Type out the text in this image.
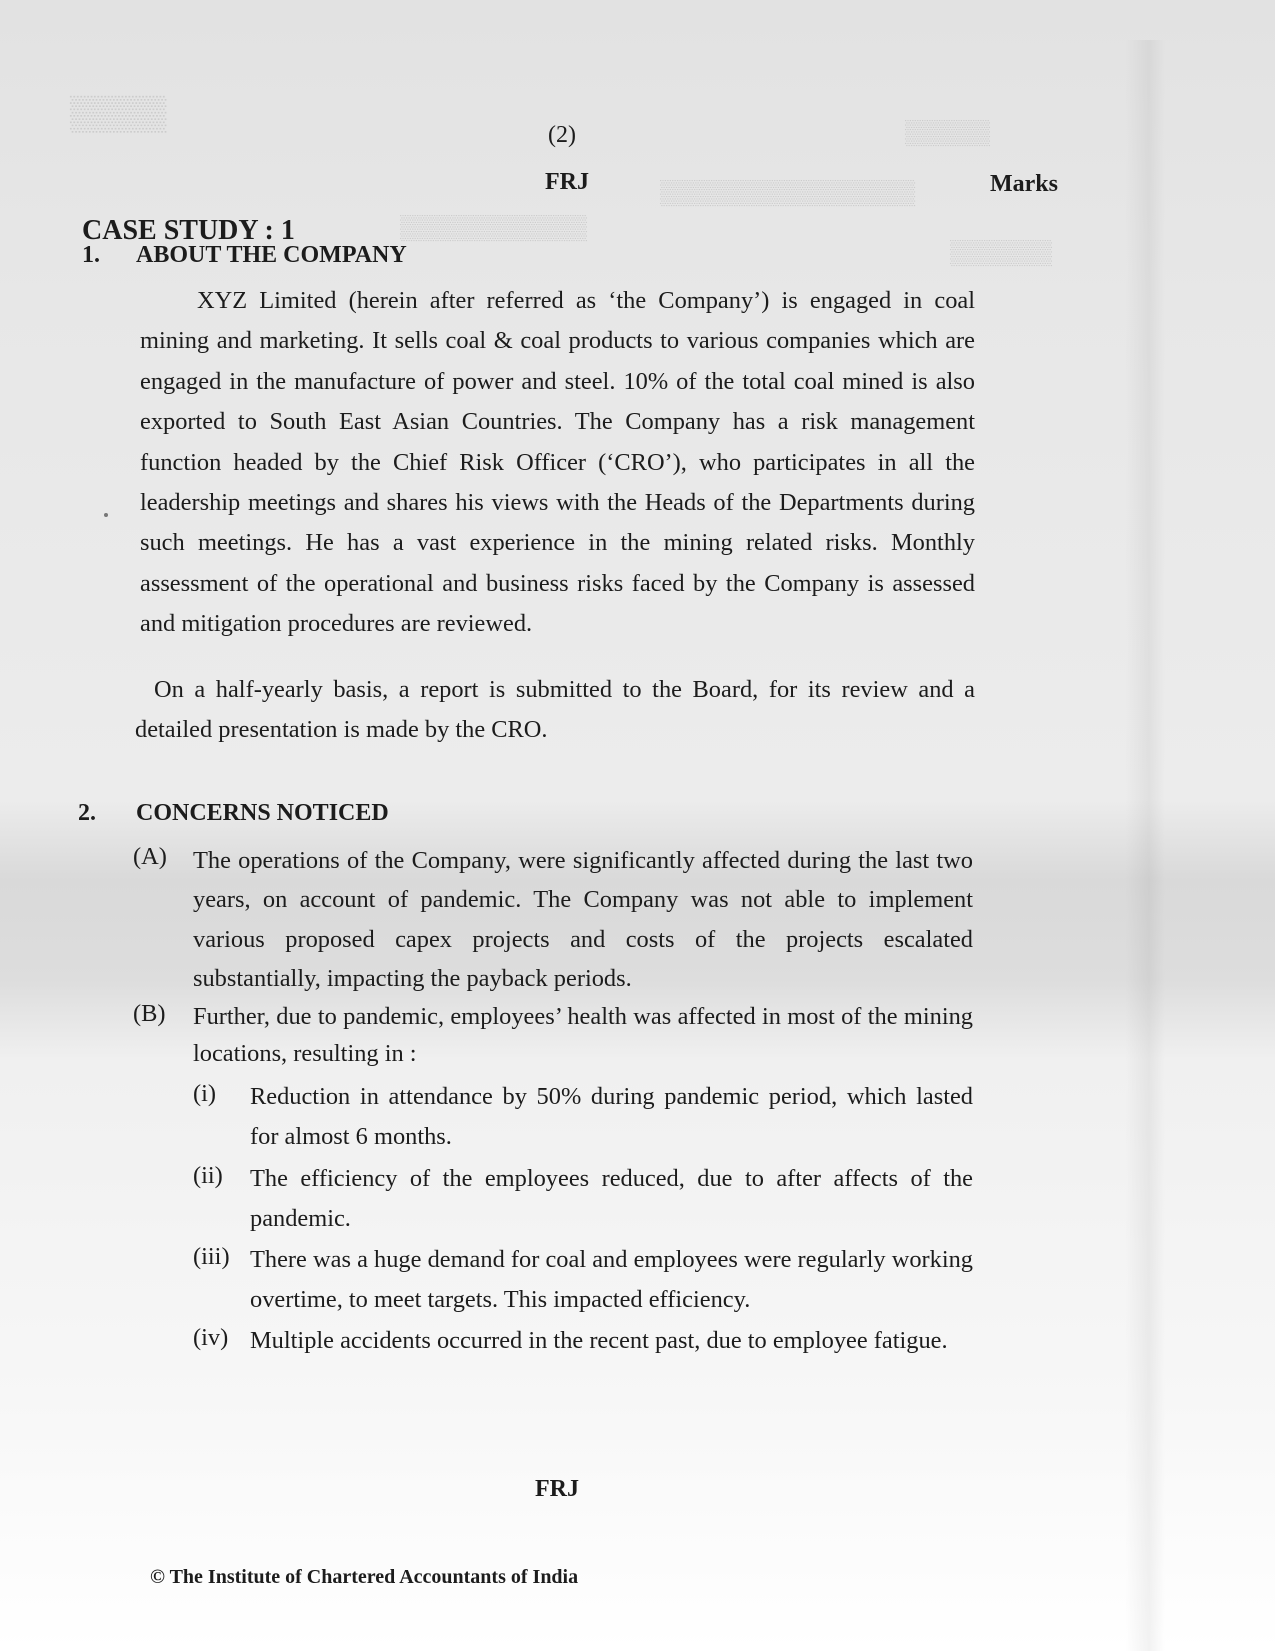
▒▒▒▒
▒▒▒▒▒▒▒▒▒▒▒
▒▒▒▒▒
▒▒▒▒▒▒▒▒▒▒▒▒▒▒▒
▒▒▒▒▒▒
(2)
FRJ	Marks
CASE STUDY : 1
1. ABOUT THE COMPANY
XYZ Limited (herein after referred as ‘the Company’) is engaged in coal mining and marketing. It sells coal & coal products to various companies which are engaged in the manufacture of power and steel. 10% of the total coal mined is also exported to South East Asian Countries. The Company has a risk management function headed by the Chief Risk Officer (‘CRO’), who participates in all the leadership meetings and shares his views with the Heads of the Departments during such meetings. He has a vast experience in the mining related risks. Monthly assessment of the operational and business risks faced by the Company is assessed and mitigation procedures are reviewed.
On a half-yearly basis, a report is submitted to the Board, for its review and a detailed presentation is made by the CRO.
2. CONCERNS NOTICED
(A) The operations of the Company, were significantly affected during the last two years, on account of pandemic. The Company was not able to implement various proposed capex projects and costs of the projects escalated substantially, impacting the payback periods.
(B) Further, due to pandemic, employees’ health was affected in most of the mining locations, resulting in :
(i) Reduction in attendance by 50% during pandemic period, which lasted for almost 6 months.
(ii) The efficiency of the employees reduced, due to after affects of the pandemic.
(iii) There was a huge demand for coal and employees were regularly working overtime, to meet targets. This impacted efficiency.
(iv) Multiple accidents occurred in the recent past, due to employee fatigue.
FRJ
© The Institute of Chartered Accountants of India
